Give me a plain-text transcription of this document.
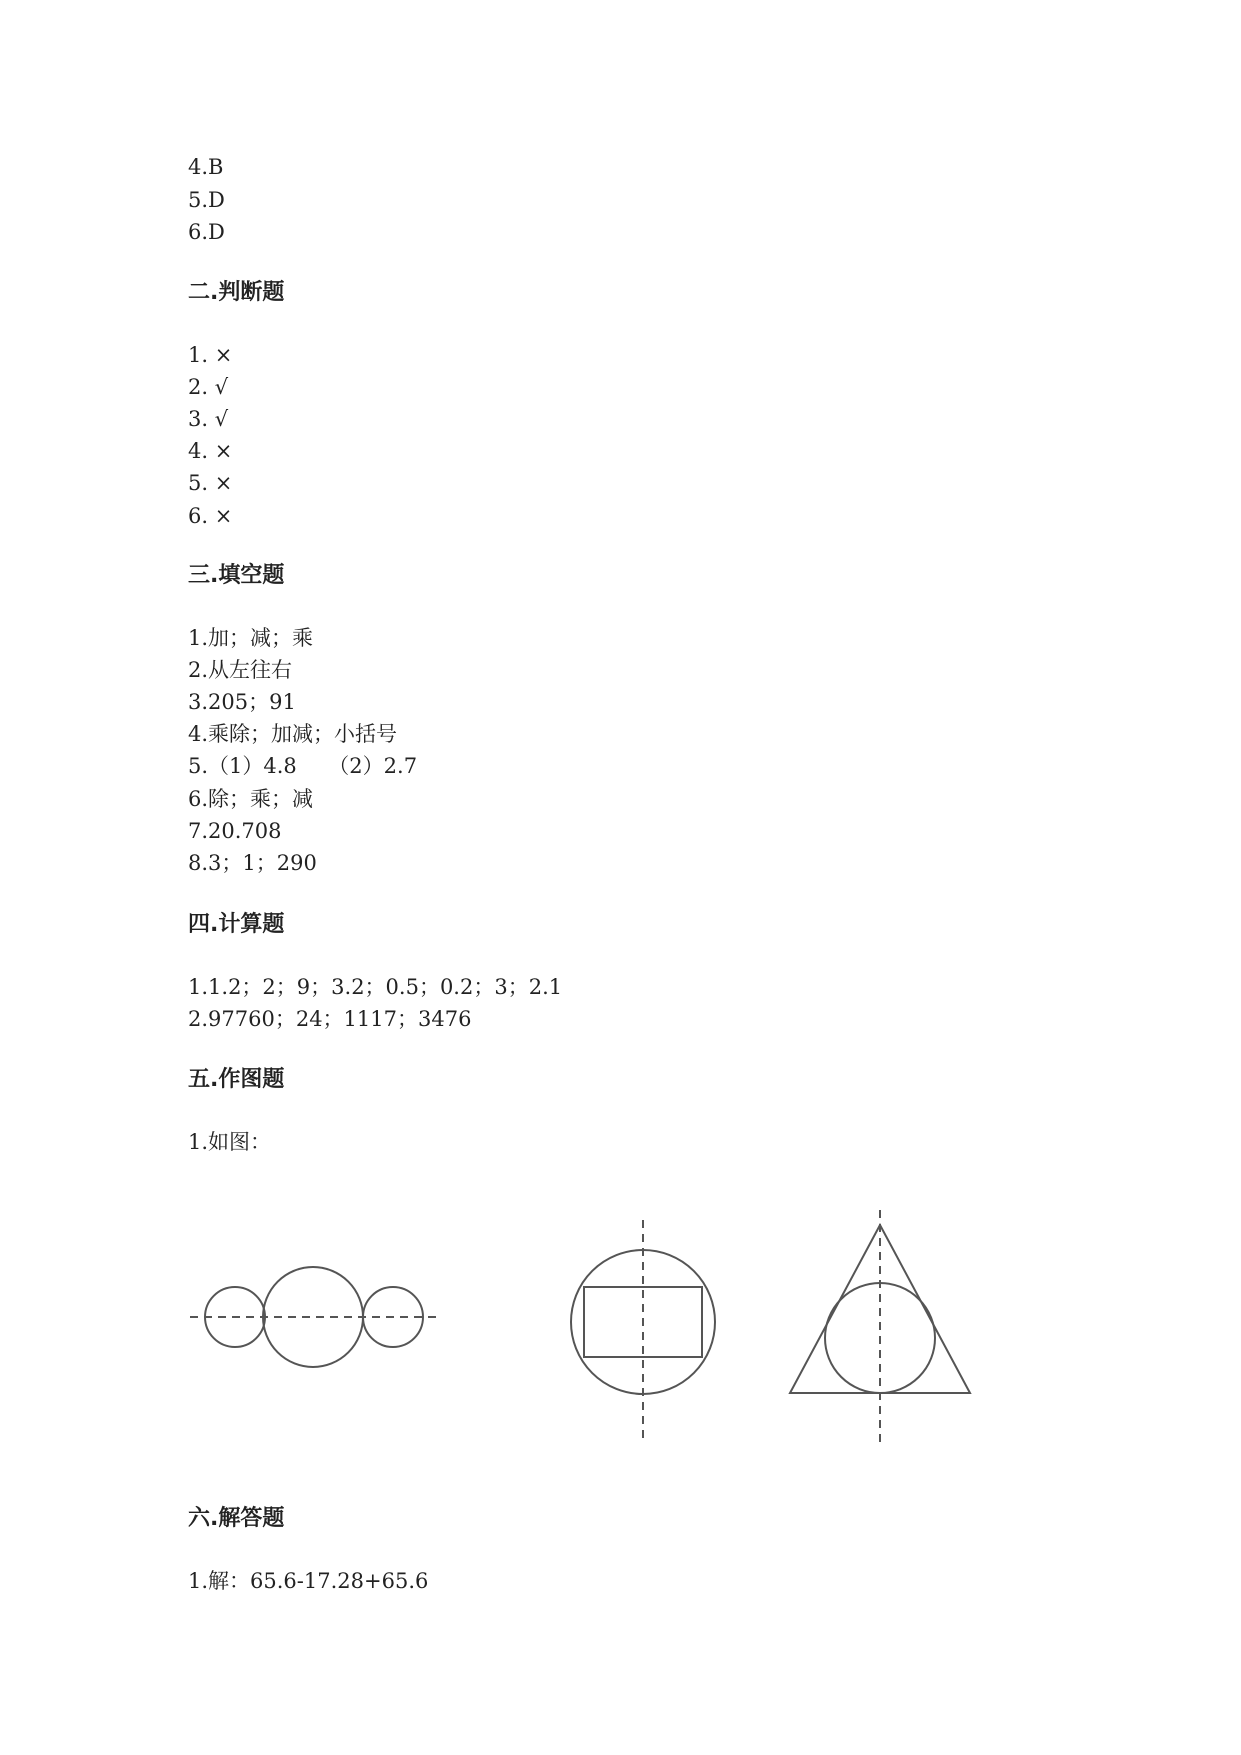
4.B
5.D
6.D
二.判断题
1. ×
2. √
3. √
4. ×
5. ×
6. ×
三.填空题
1.加；减；乘
2.从左往右
3.205；91
4.乘除；加减；小括号
5.（1）4.8　　（2）2.7
6.除；乘；减
7.20.708
8.3；1；290
四.计算题
1.1.2；2；9；3.2；0.5；0.2；3；2.1
2.97760；24；1117；3476
五.作图题
1.如图：
六.解答题
1.解：65.6-17.28+65.6
